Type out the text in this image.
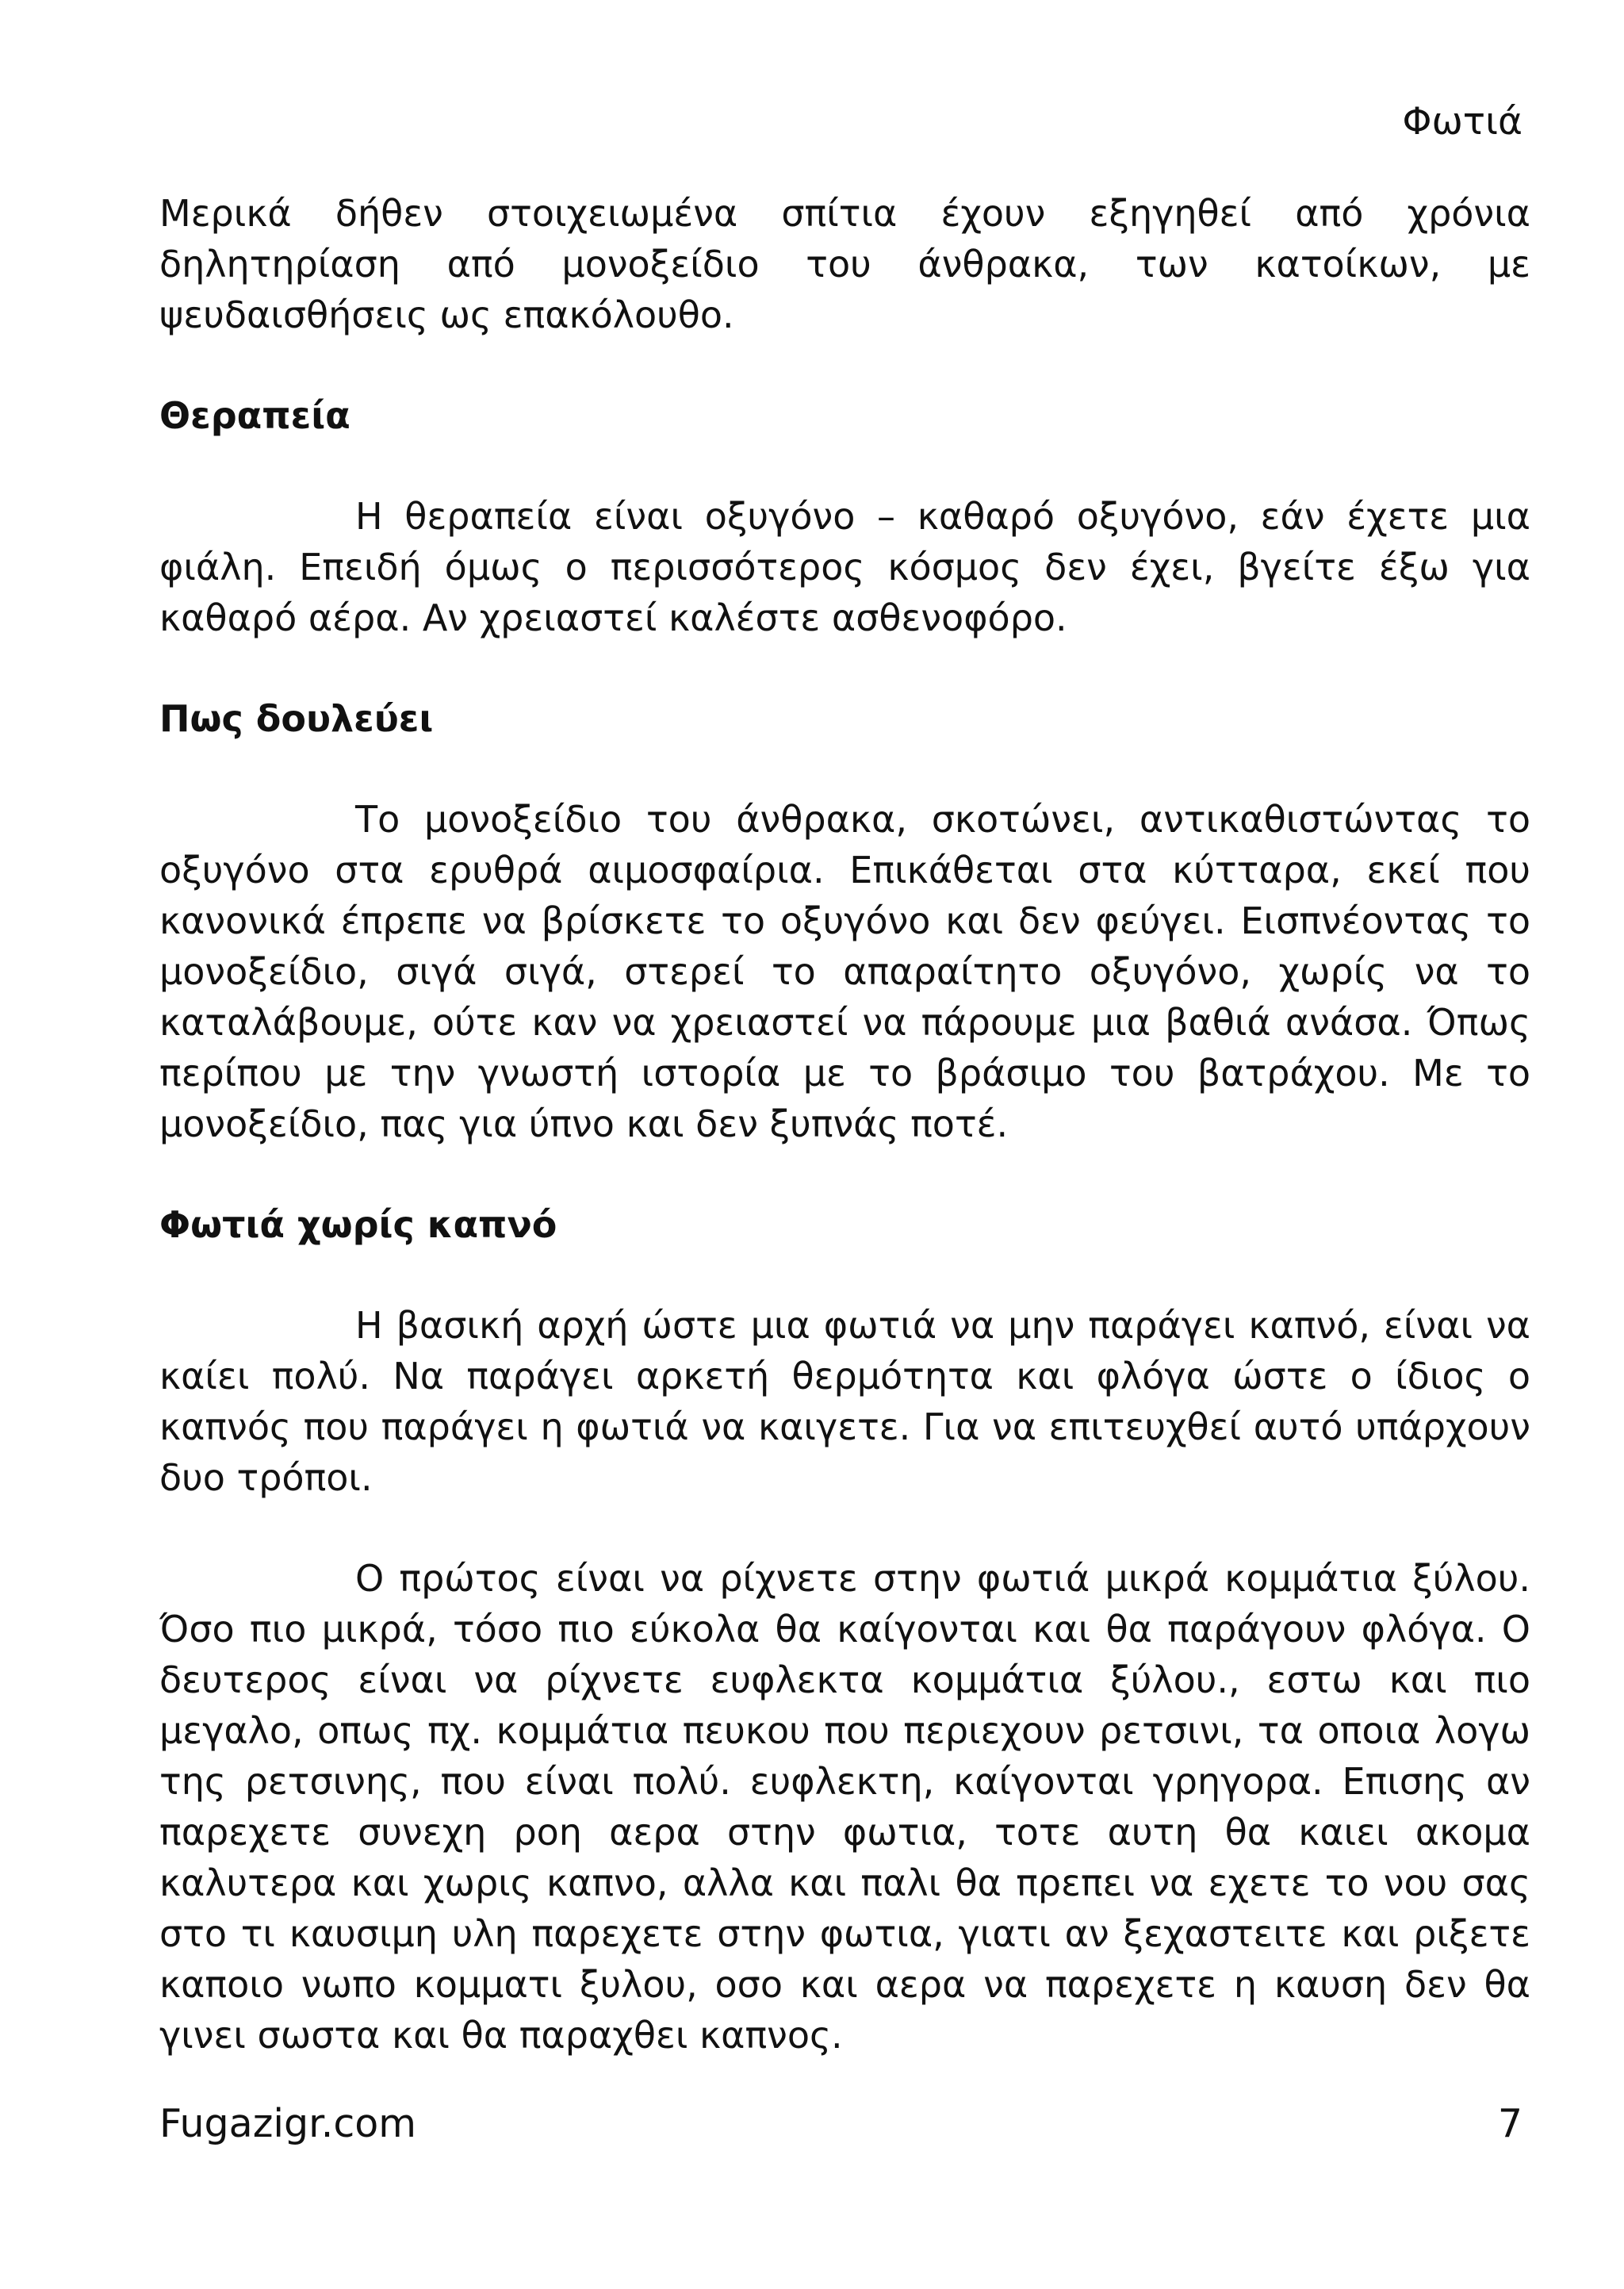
Φωτιά

Μερικά δήθεν στοιχειωμένα σπίτια έχουν εξηγηθεί από χρόνια δηλητηρίαση από μονοξείδιο του άνθρακα, των κατοίκων, με ψευδαισθήσεις ως επακόλουθο.

Θεραπεία

Η θεραπεία είναι οξυγόνο – καθαρό οξυγόνο, εάν έχετε μια φιάλη. Επειδή όμως ο περισσότερος κόσμος δεν έχει, βγείτε έξω για καθαρό αέρα. Αν χρειαστεί καλέστε ασθενοφόρο.

Πως δουλεύει

Το μονοξείδιο του άνθρακα, σκοτώνει, αντικαθιστώντας το οξυγόνο στα ερυθρά αιμοσφαίρια. Επικάθεται στα κύτταρα, εκεί που κανονικά έπρεπε να βρίσκετε το οξυγόνο και δεν φεύγει. Εισπνέοντας το μονοξείδιο, σιγά σιγά, στερεί το απαραίτητο οξυγόνο, χωρίς να το καταλάβουμε, ούτε καν να χρειαστεί να πάρουμε μια βαθιά ανάσα. Όπως περίπου με την γνωστή ιστορία με το βράσιμο του βατράχου. Με το μονοξείδιο, πας για ύπνο και δεν ξυπνάς ποτέ.

Φωτιά χωρίς καπνό

Η βασική αρχή ώστε μια φωτιά να μην παράγει καπνό, είναι να καίει πολύ. Να παράγει αρκετή θερμότητα και φλόγα ώστε ο ίδιος ο καπνός που παράγει η φωτιά να καιγετε. Για να επιτευχθεί αυτό υπάρχουν δυο τρόποι.

Ο πρώτος είναι να ρίχνετε στην φωτιά μικρά κομμάτια ξύλου. Όσο πιο μικρά, τόσο πιο εύκολα θα καίγονται και θα παράγουν φλόγα. Ο δευτερος είναι να ρίχνετε ευφλεκτα κομμάτια ξύλου., εστω και πιο μεγαλο, οπως πχ. κομμάτια πευκου που περιεχουν ρετσινι, τα οποια λογω της ρετσινης, που είναι πολύ. ευφλεκτη, καίγονται γρηγορα. Επισης αν παρεχετε συνεχη ροη αερα στην φωτια, τοτε αυτη θα καιει ακομα καλυτερα και χωρις καπνο, αλλα και παλι θα πρεπει να εχετε το νου σας στο τι καυσιμη υλη παρεχετε στην φωτια, γιατι αν ξεχαστειτε και ριξετε καποιο νωπο κομματι ξυλου, οσο και αερα να παρεχετε η καυση δεν θα γινει σωστα και θα παραχθει καπνος.

Fugazigr.com	7
